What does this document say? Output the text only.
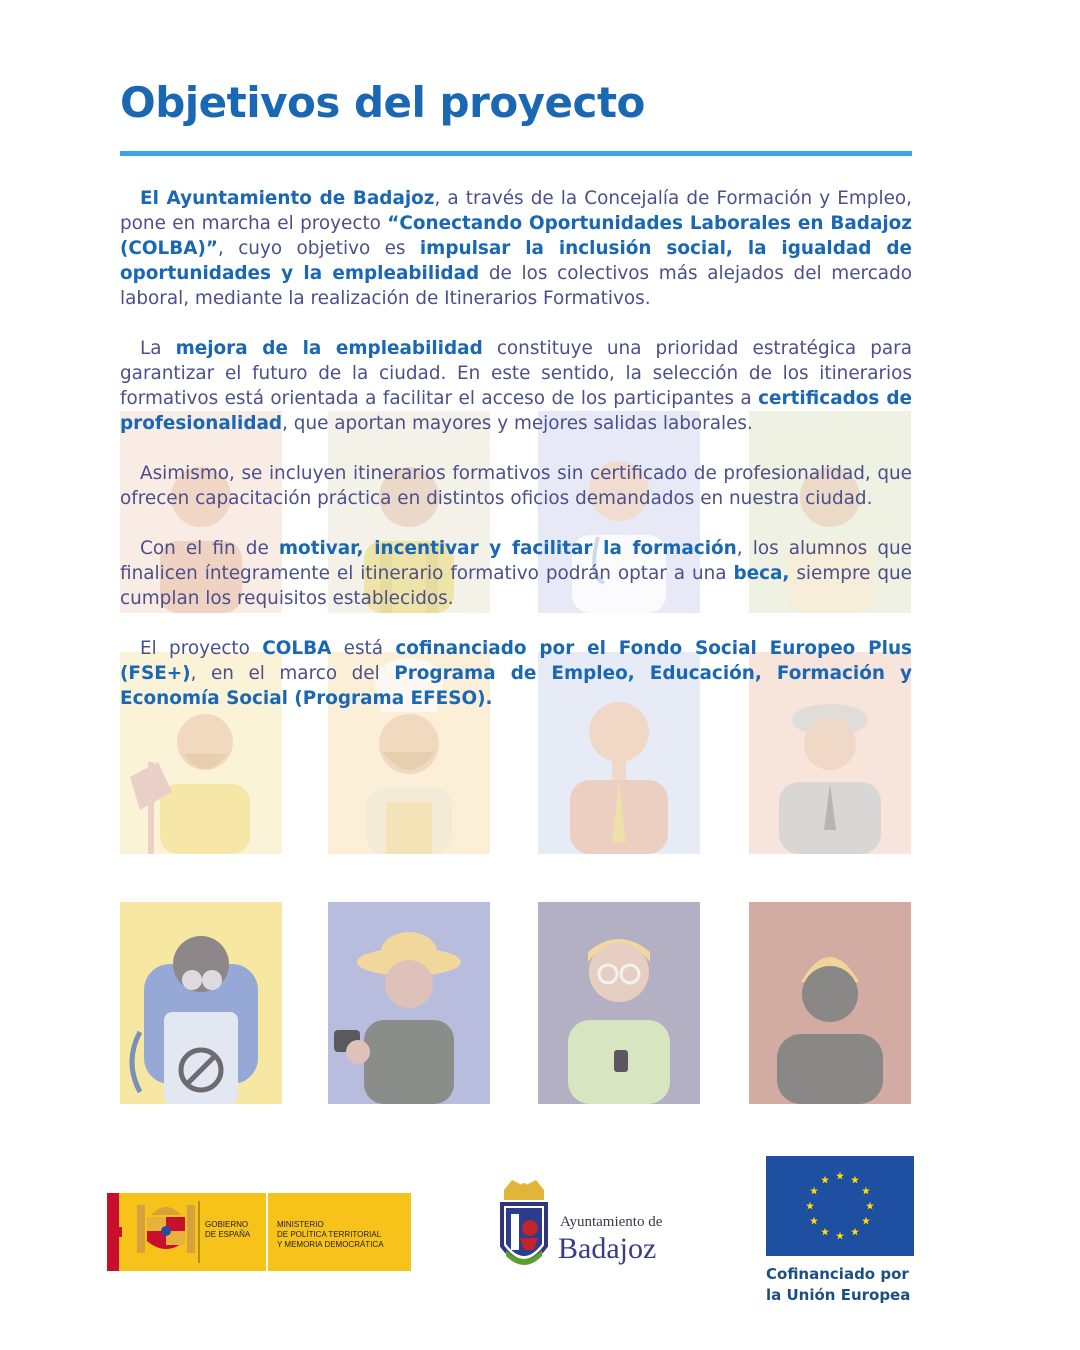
Objetivos del proyecto

El Ayuntamiento de Badajoz, a través de la Concejalía de Formación y Empleo, pone en marcha el proyecto “Conectando Oportunidades Laborales en Badajoz (COLBA)”, cuyo objetivo es impulsar la inclusión social, la igualdad de oportunidades y la empleabilidad de los colectivos más alejados del mercado laboral, mediante la realización de Itinerarios Formativos.

La mejora de la empleabilidad constituye una prioridad estratégica para garantizar el futuro de la ciudad. En este sentido, la selección de los itinerarios formativos está orientada a facilitar el acceso de los participantes a certificados de profesionalidad, que aportan mayores y mejores salidas laborales.

Asimismo, se incluyen itinerarios formativos sin certificado de profesionalidad, que ofrecen capacitación práctica en distintos oficios demandados en nuestra ciudad.

Con el fin de motivar, incentivar y facilitar la formación, los alumnos que finalicen íntegramente el itinerario formativo podrán optar a una beca, siempre que cumplan los requisitos establecidos.

El proyecto COLBA está cofinanciado por el Fondo Social Europeo Plus (FSE+), en el marco del Programa de Empleo, Educación, Formación y Economía Social (Programa EFESO).

GOBIERNO
DE ESPAÑA
MINISTERIO
DE POLÍTICA TERRITORIAL
Y MEMORIA DEMOCRÁTICA
Ayuntamiento de
Badajoz
Cofinanciado por
la Unión Europea
